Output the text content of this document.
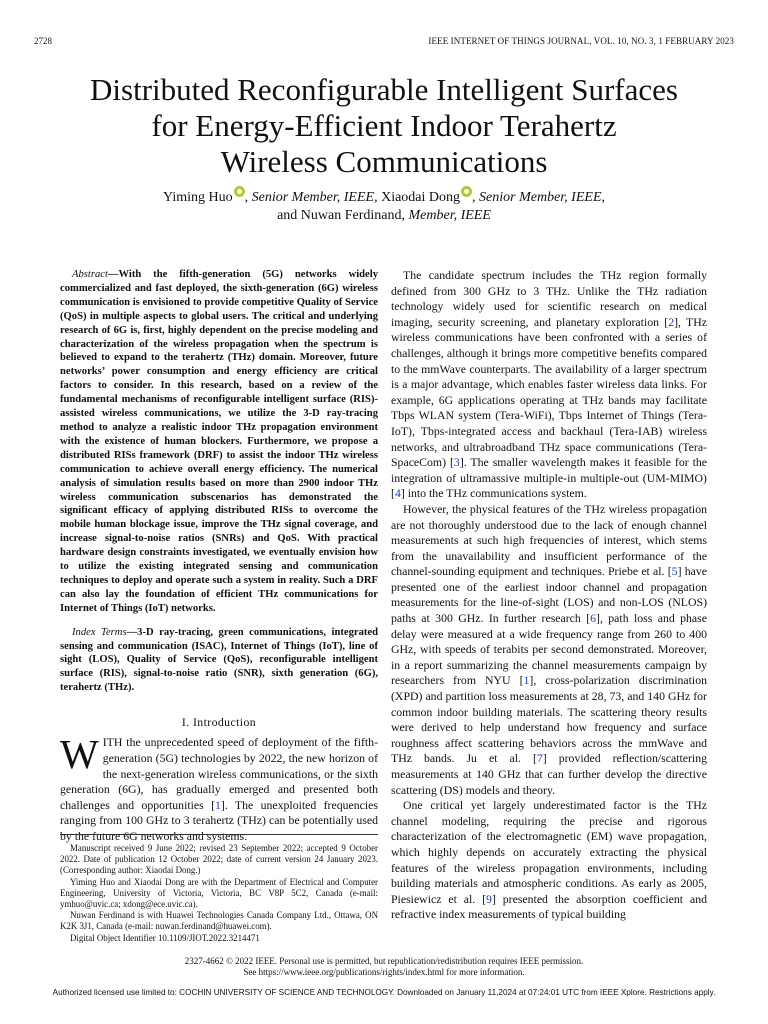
2728	IEEE INTERNET OF THINGS JOURNAL, VOL. 10, NO. 3, 1 FEBRUARY 2023
Distributed Reconfigurable Intelligent Surfaces
for Energy-Efficient Indoor Terahertz
Wireless Communications
Yiming Huo , Senior Member, IEEE, Xiaodai Dong , Senior Member, IEEE,
and Nuwan Ferdinand, Member, IEEE

Abstract—With the fifth-generation (5G) networks widely commercialized and fast deployed, the sixth-generation (6G) wireless communication is envisioned to provide competitive Quality of Service (QoS) in multiple aspects to global users. The critical and underlying research of 6G is, first, highly dependent on the precise modeling and characterization of the wireless propagation when the spectrum is believed to expand to the terahertz (THz) domain. Moreover, future networks’ power consumption and energy efficiency are critical factors to consider. In this research, based on a review of the fundamental mechanisms of reconfigurable intelligent surface (RIS)-assisted wireless communications, we utilize the 3-D ray-tracing method to analyze a realistic indoor THz propagation environment with the existence of human blockers. Furthermore, we propose a distributed RISs framework (DRF) to assist the indoor THz wireless communication to achieve overall energy efficiency. The numerical analysis of simulation results based on more than 2900 indoor THz wireless communication subscenarios has demonstrated the significant efficacy of applying distributed RISs to overcome the mobile human blockage issue, improve the THz signal coverage, and increase signal-to-noise ratios (SNRs) and QoS. With practical hardware design constraints investigated, we eventually envision how to utilize the existing integrated sensing and communication techniques to deploy and operate such a system in reality. Such a DRF can also lay the foundation of efficient THz communications for Internet of Things (IoT) networks.

Index Terms—3-D ray-tracing, green communications, integrated sensing and communication (ISAC), Internet of Things (IoT), line of sight (LOS), Quality of Service (QoS), reconfigurable intelligent surface (RIS), signal-to-noise ratio (SNR), sixth generation (6G), terahertz (THz).

I. Introduction

WITH the unprecedented speed of deployment of the fifth-generation (5G) technologies by 2022, the new horizon of the next-generation wireless communications, or the sixth generation (6G), has gradually emerged and presented both challenges and opportunities [1]. The unexploited frequencies ranging from 100 GHz to 3 terahertz (THz) can be potentially used by the future 6G networks and systems.

Manuscript received 9 June 2022; revised 23 September 2022; accepted 9 October 2022. Date of publication 12 October 2022; date of current version 24 January 2023. (Corresponding author: Xiaodai Dong.)

Yiming Huo and Xiaodai Dong are with the Department of Electrical and Computer Engineering, University of Victoria, Victoria, BC V8P 5C2, Canada (e-mail: ymhuo@uvic.ca; xdong@ece.uvic.ca).

Nuwan Ferdinand is with Huawei Technologies Canada Company Ltd., Ottawa, ON K2K 3J1, Canada (e-mail: nuwan.ferdinand@huawei.com).

Digital Object Identifier 10.1109/JIOT.2022.3214471

The candidate spectrum includes the THz region formally defined from 300 GHz to 3 THz. Unlike the THz radiation technology widely used for scientific research on medical imaging, security screening, and planetary exploration [2], THz wireless communications have been confronted with a series of challenges, although it brings more competitive benefits compared to the mmWave counterparts. The availability of a larger spectrum is a major advantage, which enables faster wireless data links. For example, 6G applications operating at THz bands may facilitate Tbps WLAN system (Tera-WiFi), Tbps Internet of Things (Tera-IoT), Tbps-integrated access and backhaul (Tera-IAB) wireless networks, and ultrabroadband THz space communications (Tera-SpaceCom) [3]. The smaller wavelength makes it feasible for the integration of ultramassive multiple-in multiple-out (UM-MIMO) [4] into the THz communications system.

However, the physical features of the THz wireless propagation are not thoroughly understood due to the lack of enough channel measurements at such high frequencies of interest, which stems from the unavailability and insufficient performance of the channel-sounding equipment and techniques. Priebe et al. [5] have presented one of the earliest indoor channel and propagation measurements for the line-of-sight (LOS) and non-LOS (NLOS) paths at 300 GHz. In further research [6], path loss and phase delay were measured at a wide frequency range from 260 to 400 GHz, with speeds of terabits per second demonstrated. Moreover, in a report summarizing the channel measurements campaign by researchers from NYU [1], cross-polarization discrimination (XPD) and partition loss measurements at 28, 73, and 140 GHz for common indoor building materials. The scattering theory results were derived to help understand how frequency and surface roughness affect scattering behaviors across the mmWave and THz bands. Ju et al. [7] provided reflection/scattering measurements at 140 GHz that can further develop the directive scattering (DS) models and theory.

One critical yet largely underestimated factor is the THz channel modeling, requiring the precise and rigorous characterization of the electromagnetic (EM) wave propagation, which highly depends on accurately extracting the physical features of the wireless propagation environments, including building materials and atmospheric conditions. As early as 2005, Piesiewicz et al. [9] presented the absorption coefficient and refractive index measurements of typical building

2327-4662 © 2022 IEEE. Personal use is permitted, but republication/redistribution requires IEEE permission.
See https://www.ieee.org/publications/rights/index.html for more information.
Authorized licensed use limited to: COCHIN UNIVERSITY OF SCIENCE AND TECHNOLOGY. Downloaded on January 11,2024 at 07:24:01 UTC from IEEE Xplore. Restrictions apply.
